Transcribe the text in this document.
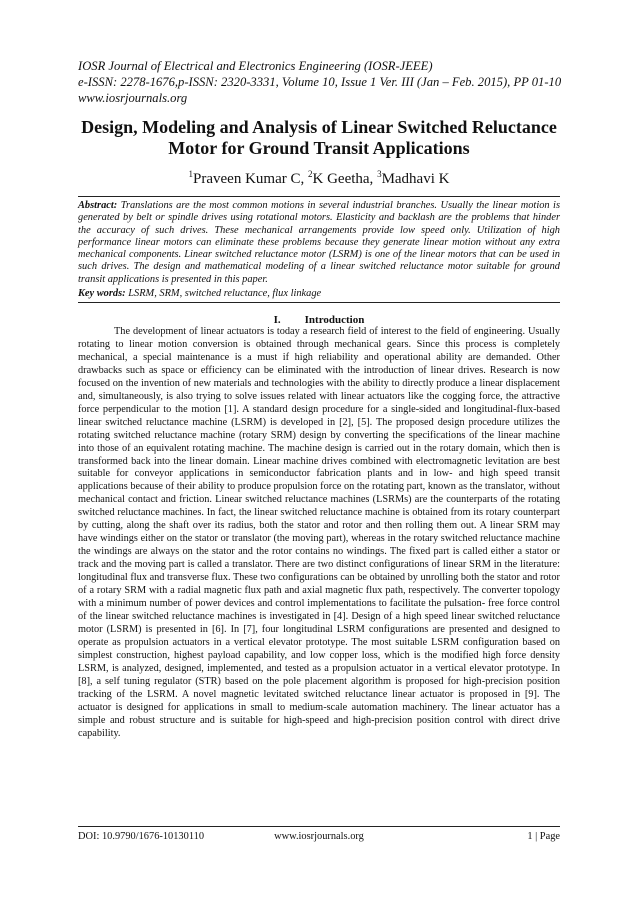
IOSR Journal of Electrical and Electronics Engineering (IOSR-JEEE)
e-ISSN: 2278-1676,p-ISSN: 2320-3331, Volume 10, Issue 1 Ver. III (Jan – Feb. 2015), PP 01-10
www.iosrjournals.org
Design, Modeling and Analysis of Linear Switched Reluctance
Motor for Ground Transit Applications
$^1$Praveen Kumar C, $^2$K Geetha, $^3$Madhavi K
Abstract: Translations are the most common motions in several industrial branches. Usually the linear motion is generated by belt or spindle drives using rotational motors. Elasticity and backlash are the problems that hinder the accuracy of such drives. These mechanical arrangements provide low speed only. Utilization of high performance linear motors can eliminate these problems because they generate linear motion without any extra mechanical components. Linear switched reluctance motor (LSRM) is one of the linear motors that can be used in such drives. The design and mathematical modeling of a linear switched reluctance motor suitable for ground transit applications is presented in this paper.
Key words: LSRM, SRM, switched reluctance, flux linkage
I. Introduction

The development of linear actuators is today a research field of interest to the field of engineering. Usually rotating to linear motion conversion is obtained through mechanical gears. Since this process is completely mechanical, a special maintenance is a must if high reliability and operational ability are demanded. Other drawbacks such as space or efficiency can be eliminated with the introduction of linear drives. Research is now focused on the invention of new materials and technologies with the ability to directly produce a linear displacement and, simultaneously, is also trying to solve issues related with linear actuators like the cogging force, the attractive force perpendicular to the motion [1]. A standard design procedure for a single-sided and longitudinal-flux-based linear switched reluctance machine (LSRM) is developed in [2], [5]. The proposed design procedure utilizes the rotating switched reluctance machine (rotary SRM) design by converting the specifications of the linear machine into those of an equivalent rotating machine. The machine design is carried out in the rotary domain, which then is transformed back into the linear domain. Linear machine drives combined with electromagnetic levitation are best suitable for conveyor applications in semiconductor fabrication plants and in low- and high speed transit applications because of their ability to produce propulsion force on the rotating part, known as the translator, without mechanical contact and friction. Linear switched reluctance machines (LSRMs) are the counterparts of the rotating switched reluctance machines. In fact, the linear switched reluctance machine is obtained from its rotary counterpart by cutting, along the shaft over its radius, both the stator and rotor and then rolling them out. A linear SRM may have windings either on the stator or translator (the moving part), whereas in the rotary switched reluctance machine the windings are always on the stator and the rotor contains no windings. The fixed part is called either a stator or track and the moving part is called a translator. There are two distinct configurations of linear SRM in the literature: longitudinal flux and transverse flux. These two configurations can be obtained by unrolling both the stator and rotor of a rotary SRM with a radial magnetic flux path and axial magnetic flux path, respectively. The converter topology with a minimum number of power devices and control implementations to facilitate the pulsation- free force control of the linear switched reluctance machines is investigated in [4]. Design of a high speed linear switched reluctance motor (LSRM) is presented in [6]. In [7], four longitudinal LSRM configurations are presented and designed to operate as propulsion actuators in a vertical elevator prototype. The most suitable LSRM configuration based on simplest construction, highest payload capability, and low copper loss, which is the modified high force density LSRM, is analyzed, designed, implemented, and tested as a propulsion actuator in a vertical elevator prototype. In [8], a self tuning regulator (STR) based on the pole placement algorithm is proposed for high-precision position tracking of the LSRM. A novel magnetic levitated switched reluctance linear actuator is proposed in [9]. The actuator is designed for applications in small to medium-scale automation machinery. The linear actuator has a simple and robust structure and is suitable for high-speed and high-precision position control with direct drive capability.

DOI: 10.9790/1676-10130110	www.iosrjournals.org	1 | Page
